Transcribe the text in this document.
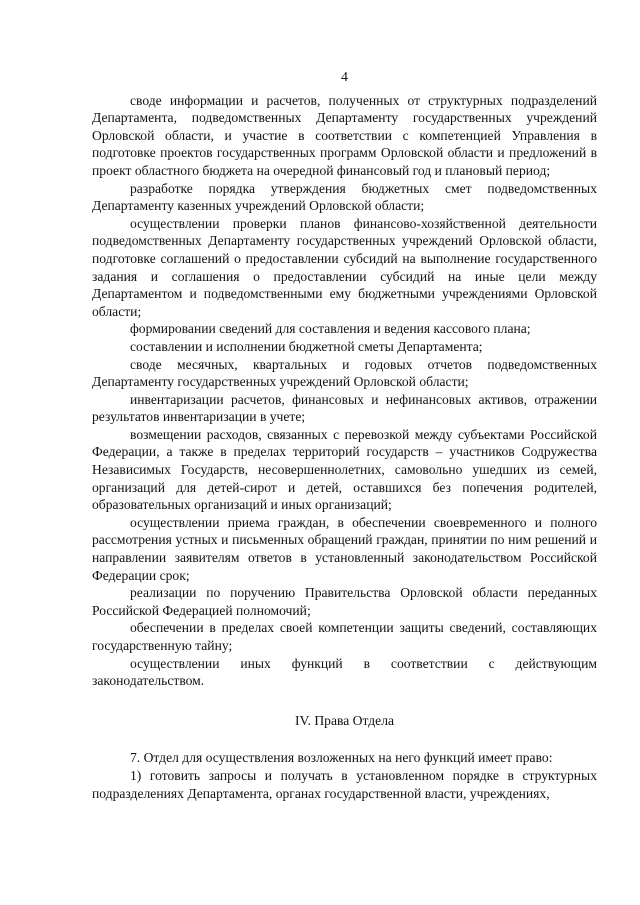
4

своде информации и расчетов, полученных от структурных подразделений Департамента, подведомственных Департаменту государственных учреждений Орловской области, и участие в соответствии с компетенцией Управления в подготовке проектов государственных программ Орловской области и предложений в проект областного бюджета на очередной финансовый год и плановый период;

разработке порядка утверждения бюджетных смет подведомственных Департаменту казенных учреждений Орловской области;

осуществлении проверки планов финансово-хозяйственной деятельности подведомственных Департаменту государственных учреждений Орловской области, подготовке соглашений о предоставлении субсидий на выполнение государственного задания и соглашения о предоставлении субсидий на иные цели между Департаментом и подведомственными ему бюджетными учреждениями Орловской области;

формировании сведений для составления и ведения кассового плана;

составлении и исполнении бюджетной сметы Департамента;

своде месячных, квартальных и годовых отчетов подведомственных Департаменту государственных учреждений Орловской области;

инвентаризации расчетов, финансовых и нефинансовых активов, отражении результатов инвентаризации в учете;

возмещении расходов, связанных с перевозкой между субъектами Российской Федерации, а также в пределах территорий государств – участников Содружества Независимых Государств, несовершеннолетних, самовольно ушедших из семей, организаций для детей-сирот и детей, оставшихся без попечения родителей, образовательных организаций и иных организаций;

осуществлении приема граждан, в обеспечении своевременного и полного рассмотрения устных и письменных обращений граждан, принятии по ним решений и направлении заявителям ответов в установленный законодательством Российской Федерации срок;

реализации по поручению Правительства Орловской области переданных Российской Федерацией полномочий;

обеспечении в пределах своей компетенции защиты сведений, составляющих государственную тайну;

осуществлении иных функций в соответствии с действующим законодательством.

IV. Права Отдела

7. Отдел для осуществления возложенных на него функций имеет право:

1) готовить запросы и получать в установленном порядке в структурных подразделениях Департамента, органах государственной власти, учреждениях,
